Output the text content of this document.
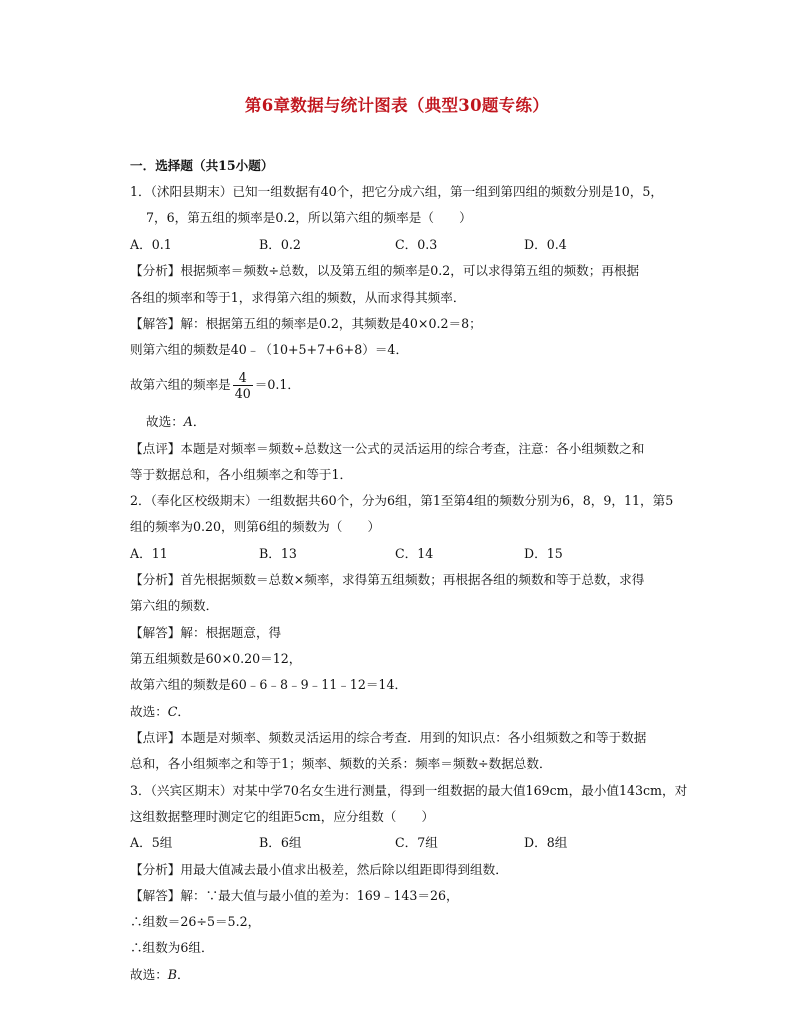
第6章数据与统计图表（典型30题专练）
一．选择题（共15小题）
1．（沭阳县期末）已知一组数据有40个，把它分成六组，第一组到第四组的频数分别是10，5，
7，6，第五组的频率是0.2，所以第六组的频率是（　　）
A．0.1	B．0.2	C．0.3	D．0.4
【分析】根据频率＝频数÷总数，以及第五组的频率是0.2，可以求得第五组的频数；再根据
各组的频率和等于1，求得第六组的频数，从而求得其频率．
【解答】解：根据第五组的频率是0.2，其频数是40×0.2＝8；
则第六组的频数是40﹣（10+5+7+6+8）＝4．
故第六组的频率是 $\frac{4}{40} =0.1$．
故选：A．
【点评】本题是对频率＝频数÷总数这一公式的灵活运用的综合考查，注意：各小组频数之和
等于数据总和，各小组频率之和等于1．
2．（奉化区校级期末）一组数据共60个，分为6组，第1至第4组的频数分别为6，8，9，11，第5
组的频率为0.20，则第6组的频数为（　　）
A．11	B．13	C．14	D．15
【分析】首先根据频数＝总数×频率，求得第五组频数；再根据各组的频数和等于总数，求得
第六组的频数．
【解答】解：根据题意，得
第五组频数是60×0.20＝12，
故第六组的频数是60﹣6﹣8﹣9﹣11﹣12＝14．
故选：C．
【点评】本题是对频率、频数灵活运用的综合考查．用到的知识点：各小组频数之和等于数据
总和，各小组频率之和等于1；频率、频数的关系：频率＝频数÷数据总数．
3．（兴宾区期末）对某中学70名女生进行测量，得到一组数据的最大值169cm，最小值143cm，对
这组数据整理时测定它的组距5cm，应分组数（　　）
A．5组	B．6组	C．7组	D．8组
【分析】用最大值减去最小值求出极差，然后除以组距即得到组数．
【解答】解：∵最大值与最小值的差为：169﹣143＝26，
∴组数＝26÷5＝5.2，
∴组数为6组．
故选：B．
